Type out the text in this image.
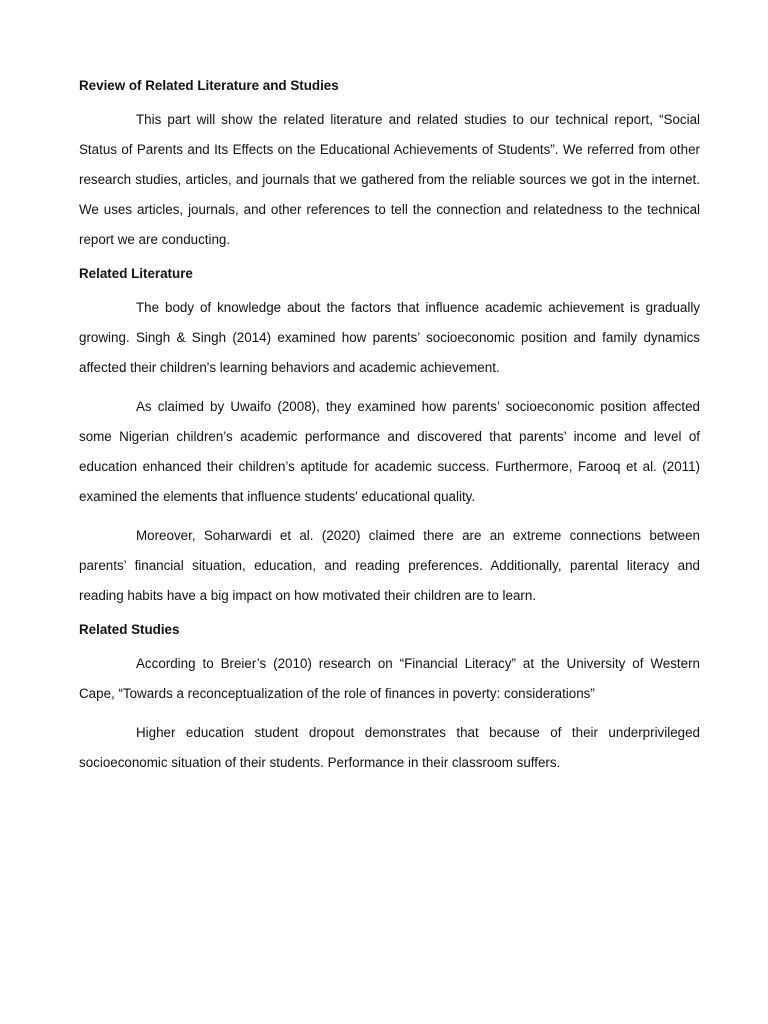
Review of Related Literature and Studies

This part will show the related literature and related studies to our technical report, “Social Status of Parents and Its Effects on the Educational Achievements of Students”. We referred from other research studies, articles, and journals that we gathered from the reliable sources we got in the internet. We uses articles, journals, and other references to tell the connection and relatedness to the technical report we are conducting.

Related Literature

The body of knowledge about the factors that influence academic achievement is gradually growing. Singh & Singh (2014) examined how parents’ socioeconomic position and family dynamics affected their children's learning behaviors and academic achievement.

As claimed by Uwaifo (2008), they examined how parents’ socioeconomic position affected some Nigerian children’s academic performance and discovered that parents’ income and level of education enhanced their children’s aptitude for academic success. Furthermore, Farooq et al. (2011) examined the elements that influence students' educational quality.

Moreover, Soharwardi et al. (2020) claimed there are an extreme connections between parents’ financial situation, education, and reading preferences. Additionally, parental literacy and reading habits have a big impact on how motivated their children are to learn.

Related Studies

According to Breier’s (2010) research on “Financial Literacy” at the University of Western Cape, “Towards a reconceptualization of the role of finances in poverty: considerations”

Higher education student dropout demonstrates that because of their underprivileged socioeconomic situation of their students. Performance in their classroom suffers.
